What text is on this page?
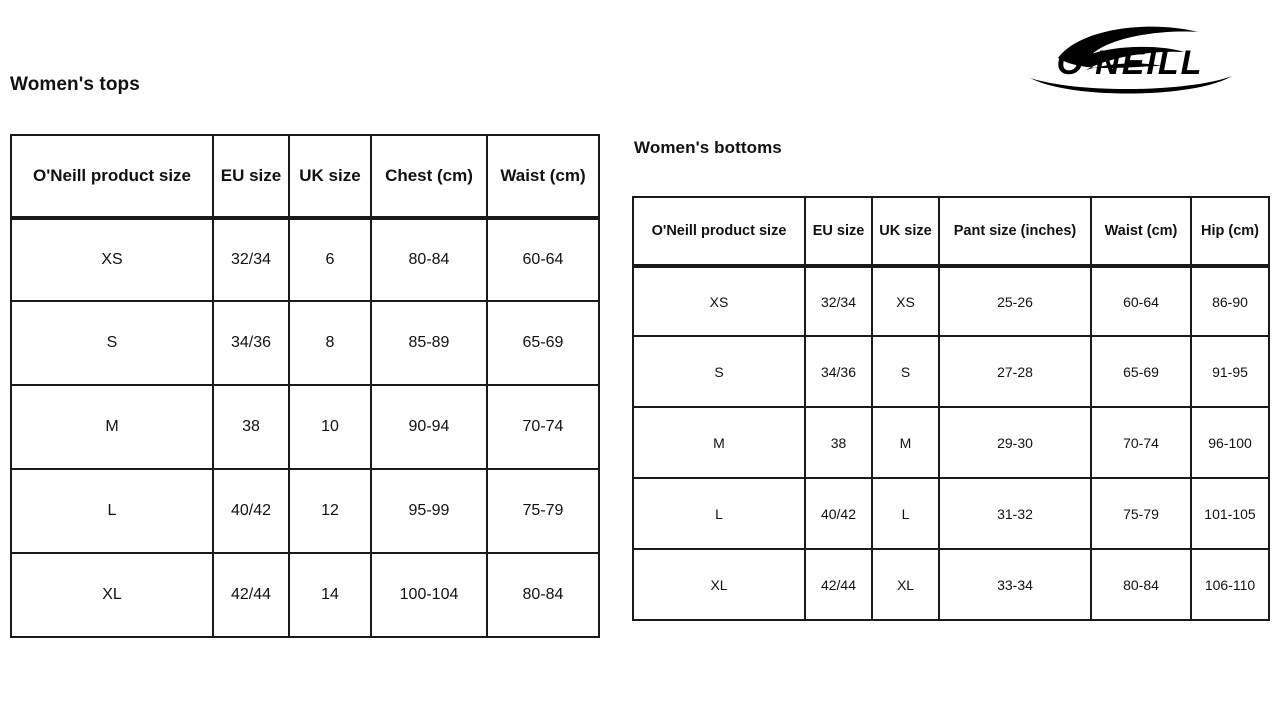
O'NEILL
Women's tops
O'Neill product size	EU size	UK size	Chest (cm)	Waist (cm)
XS	32/34	6	80-84	60-64
S	34/36	8	85-89	65-69
M	38	10	90-94	70-74
L	40/42	12	95-99	75-79
XL	42/44	14	100-104	80-84
Women's bottoms
O'Neill product size	EU size	UK size	Pant size (inches)	Waist (cm)	Hip (cm)
XS	32/34	XS	25-26	60-64	86-90
S	34/36	S	27-28	65-69	91-95
M	38	M	29-30	70-74	96-100
L	40/42	L	31-32	75-79	101-105
XL	42/44	XL	33-34	80-84	106-110
